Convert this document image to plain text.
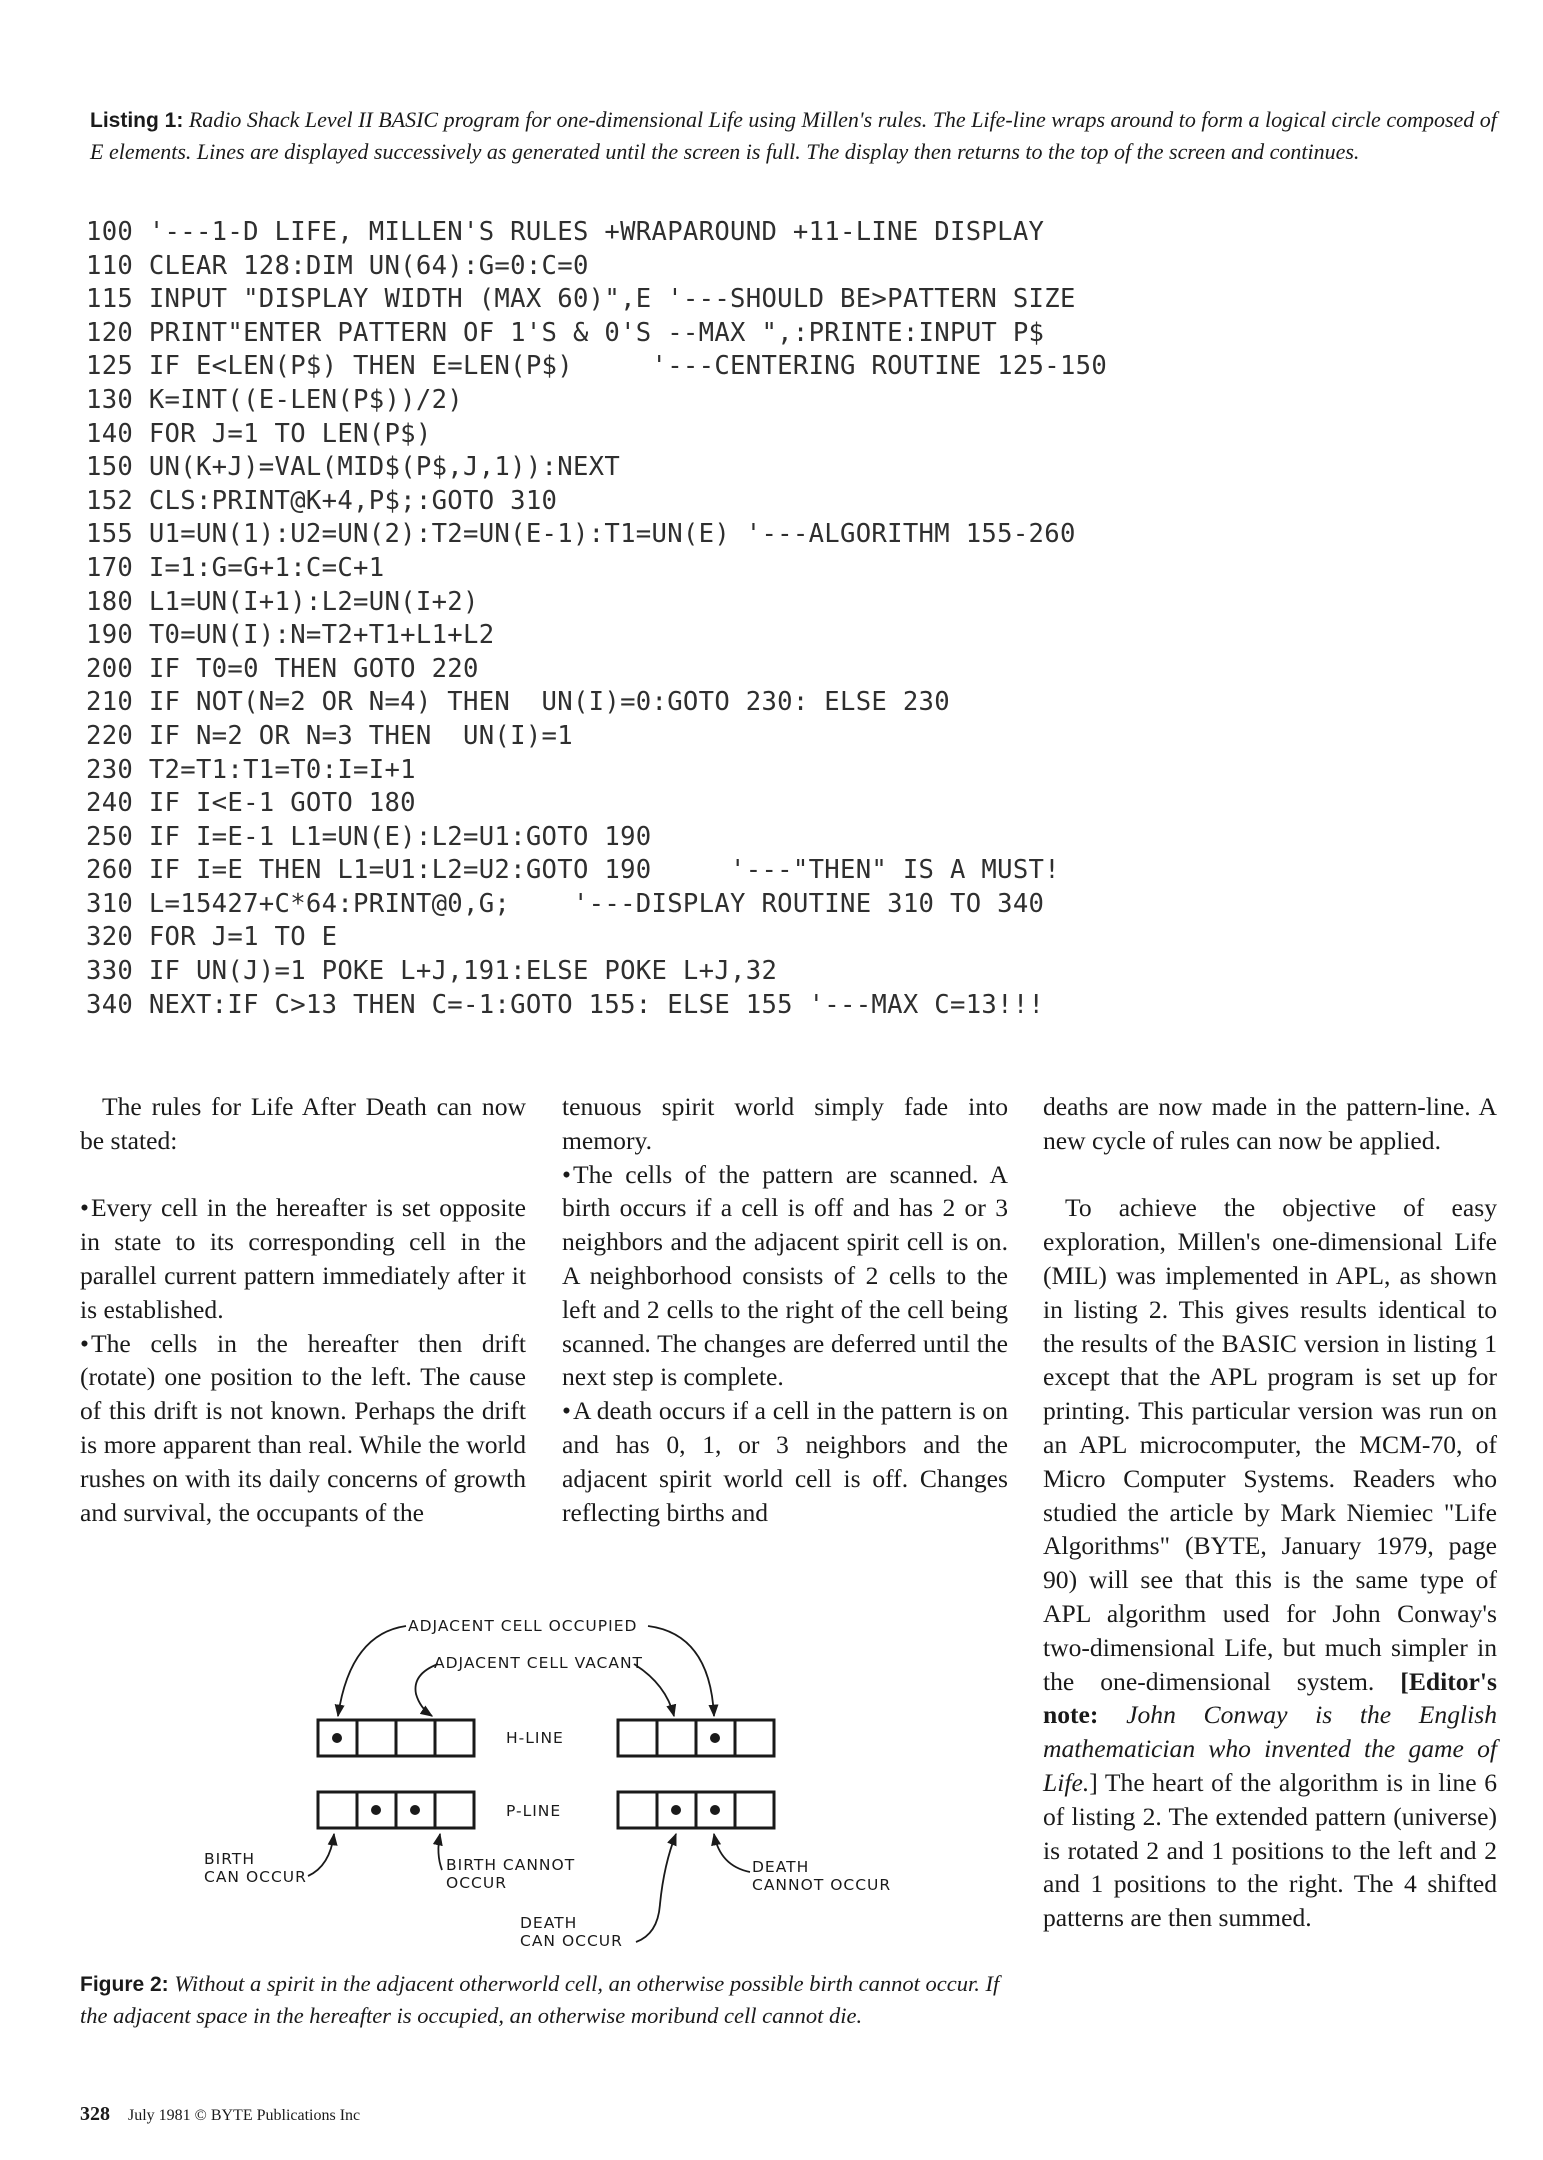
Listing 1: Radio Shack Level II BASIC program for one-dimensional Life using Millen's rules. The Life-line wraps around to form a logical circle composed of E elements. Lines are displayed successively as generated until the screen is full. The display then returns to the top of the screen and continues.
100 '---1-D LIFE, MILLEN'S RULES +WRAPAROUND +11-LINE DISPLAY
110 CLEAR 128:DIM UN(64):G=0:C=0
115 INPUT "DISPLAY WIDTH (MAX 60)",E '---SHOULD BE>PATTERN SIZE
120 PRINT"ENTER PATTERN OF 1'S & 0'S --MAX ",:PRINTE:INPUT P$
125 IF E<LEN(P$) THEN E=LEN(P$)     '---CENTERING ROUTINE 125-150
130 K=INT((E-LEN(P$))/2)
140 FOR J=1 TO LEN(P$)
150 UN(K+J)=VAL(MID$(P$,J,1)):NEXT
152 CLS:PRINT@K+4,P$;:GOTO 310
155 U1=UN(1):U2=UN(2):T2=UN(E-1):T1=UN(E) '---ALGORITHM 155-260
170 I=1:G=G+1:C=C+1
180 L1=UN(I+1):L2=UN(I+2)
190 T0=UN(I):N=T2+T1+L1+L2
200 IF T0=0 THEN GOTO 220
210 IF NOT(N=2 OR N=4) THEN  UN(I)=0:GOTO 230: ELSE 230
220 IF N=2 OR N=3 THEN  UN(I)=1
230 T2=T1:T1=T0:I=I+1
240 IF I<E-1 GOTO 180
250 IF I=E-1 L1=UN(E):L2=U1:GOTO 190
260 IF I=E THEN L1=U1:L2=U2:GOTO 190     '---"THEN" IS A MUST!
310 L=15427+C*64:PRINT@0,G;    '---DISPLAY ROUTINE 310 TO 340
320 FOR J=1 TO E
330 IF UN(J)=1 POKE L+J,191:ELSE POKE L+J,32
340 NEXT:IF C>13 THEN C=-1:GOTO 155: ELSE 155 '---MAX C=13!!!

The rules for Life After Death can now be stated:

• Every cell in the hereafter is set opposite in state to its corresponding cell in the parallel current pattern immediately after it is established.

• The cells in the hereafter then drift (rotate) one position to the left. The cause of this drift is not known. Perhaps the drift is more apparent than real. While the world rushes on with its daily concerns of growth and survival, the occupants of the

tenuous spirit world simply fade into memory.

• The cells of the pattern are scanned. A birth occurs if a cell is off and has 2 or 3 neighbors and the adjacent spirit cell is on. A neighborhood consists of 2 cells to the left and 2 cells to the right of the cell being scanned. The changes are deferred until the next step is complete.

• A death occurs if a cell in the pattern is on and has 0, 1, or 3 neighbors and the adjacent spirit world cell is off. Changes reflecting births and

deaths are now made in the pattern-line. A new cycle of rules can now be applied.

To achieve the objective of easy exploration, Millen's one-dimensional Life (MIL) was implemented in APL, as shown in listing 2. This gives results identical to the results of the BASIC version in listing 1 except that the APL program is set up for printing. This particular version was run on an APL microcomputer, the MCM-70, of Micro Computer Systems. Readers who studied the article by Mark Niemiec "Life Algorithms" (BYTE, January 1979, page 90) will see that this is the same type of APL algorithm used for John Conway's two-dimensional Life, but much simpler in the one-dimensional system. [Editor's note: John Conway is the English mathematician who invented the game of Life.] The heart of the algorithm is in line 6 of listing 2. The extended pattern (universe) is rotated 2 and 1 positions to the left and 2 and 1 positions to the right. The 4 shifted patterns are then summed.

ADJACENT CELL OCCUPIED
ADJACENT CELL VACANT
H-LINE
P-LINE
BIRTH
CAN OCCUR
BIRTH CANNOT
OCCUR
DEATH
CANNOT OCCUR
DEATH
CAN OCCUR
Figure 2: Without a spirit in the adjacent otherworld cell, an otherwise possible birth cannot occur. If the adjacent space in the hereafter is occupied, an otherwise moribund cell cannot die.
328 July 1981 © BYTE Publications Inc
